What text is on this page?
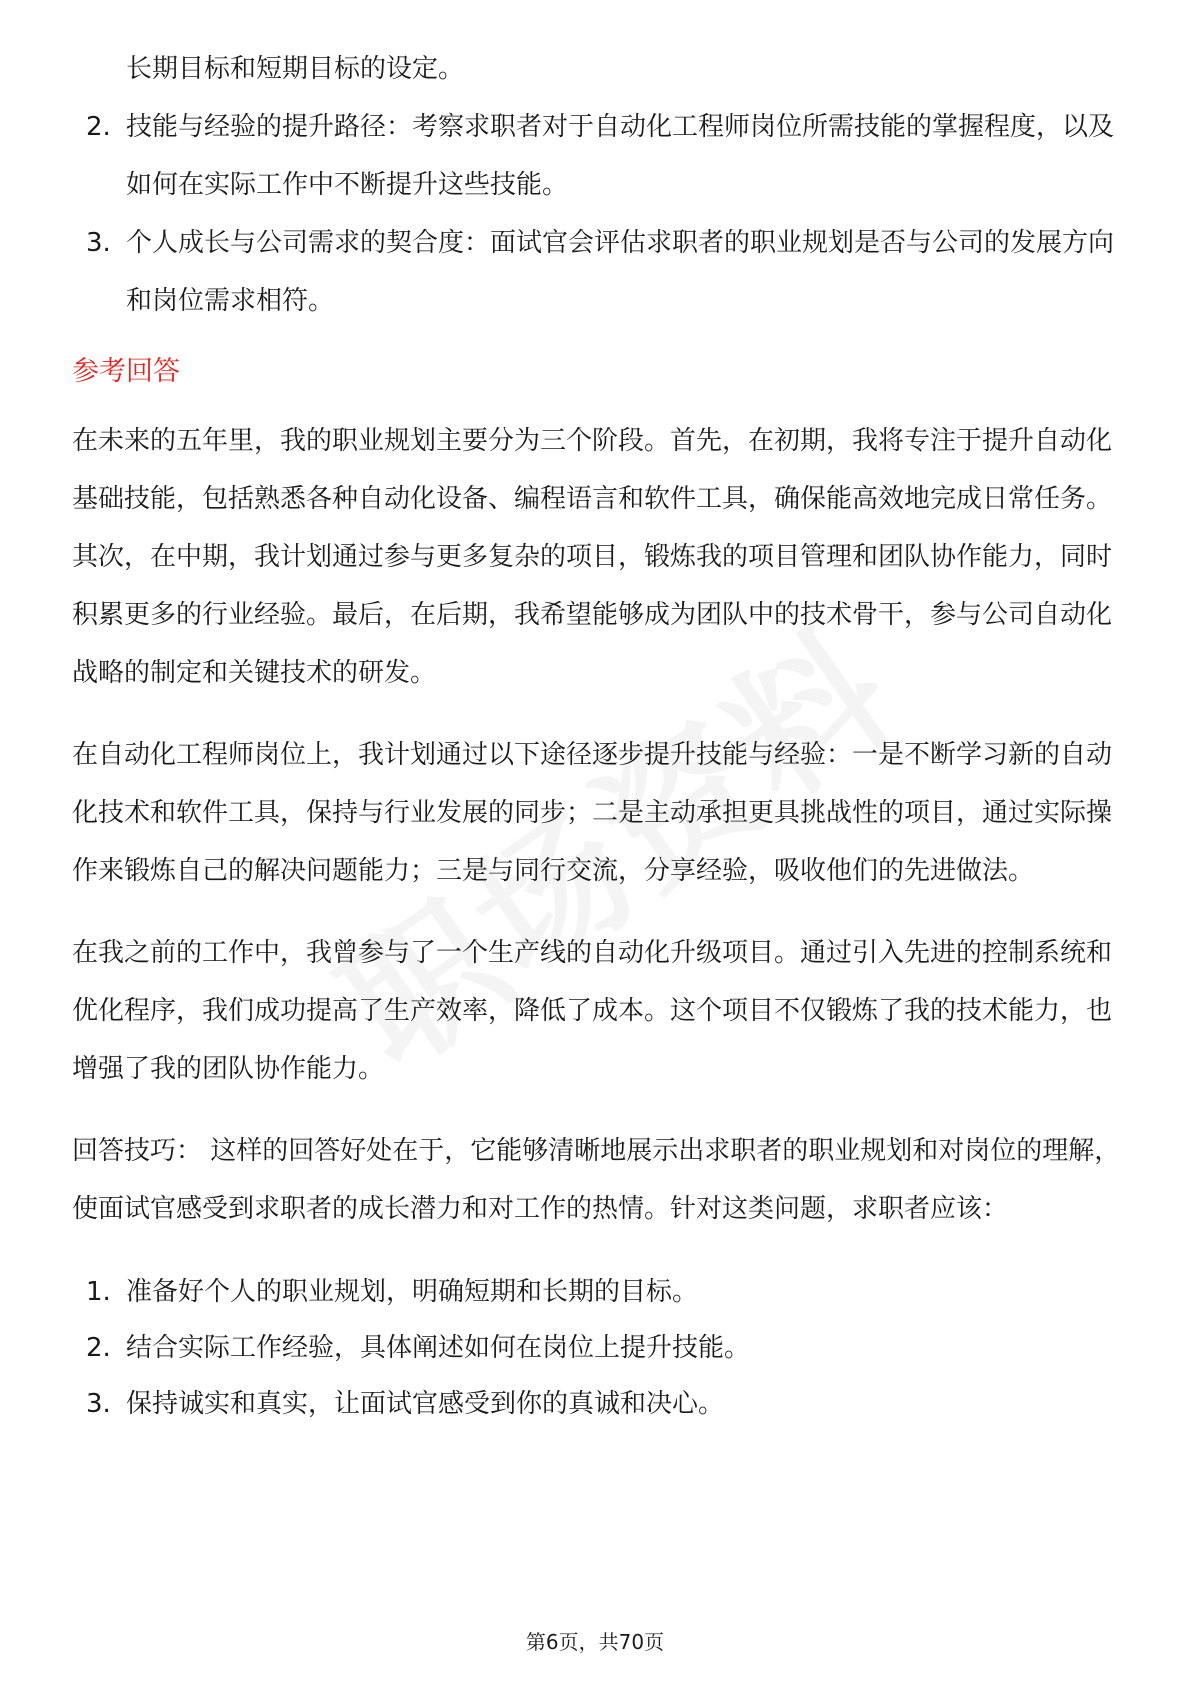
长期目标和短期目标的设定。
2. 技能与经验的提升路径：考察求职者对于自动化工程师岗位所需技能的掌握程度，以及如何在实际工作中不断提升这些技能。
3. 个人成长与公司需求的契合度：面试官会评估求职者的职业规划是否与公司的发展方向和岗位需求相符。
参考回答

在未来的五年里，我的职业规划主要分为三个阶段。首先，在初期，我将专注于提升自动化基础技能，包括熟悉各种自动化设备、编程语言和软件工具，确保能高效地完成日常任务。其次，在中期，我计划通过参与更多复杂的项目，锻炼我的项目管理和团队协作能力，同时积累更多的行业经验。最后，在后期，我希望能够成为团队中的技术骨干，参与公司自动化战略的制定和关键技术的研发。

在自动化工程师岗位上，我计划通过以下途径逐步提升技能与经验：一是不断学习新的自动化技术和软件工具，保持与行业发展的同步；二是主动承担更具挑战性的项目，通过实际操作来锻炼自己的解决问题能力；三是与同行交流，分享经验，吸收他们的先进做法。

在我之前的工作中，我曾参与了一个生产线的自动化升级项目。通过引入先进的控制系统和优化程序，我们成功提高了生产效率，降低了成本。这个项目不仅锻炼了我的技术能力，也增强了我的团队协作能力。

回答技巧： 这样的回答好处在于，它能够清晰地展示出求职者的职业规划和对岗位的理解，使面试官感受到求职者的成长潜力和对工作的热情。针对这类问题，求职者应该：

1. 准备好个人的职业规划，明确短期和长期的目标。
2. 结合实际工作经验，具体阐述如何在岗位上提升技能。
3. 保持诚实和真实，让面试官感受到你的真诚和决心。
第6页，共70页
